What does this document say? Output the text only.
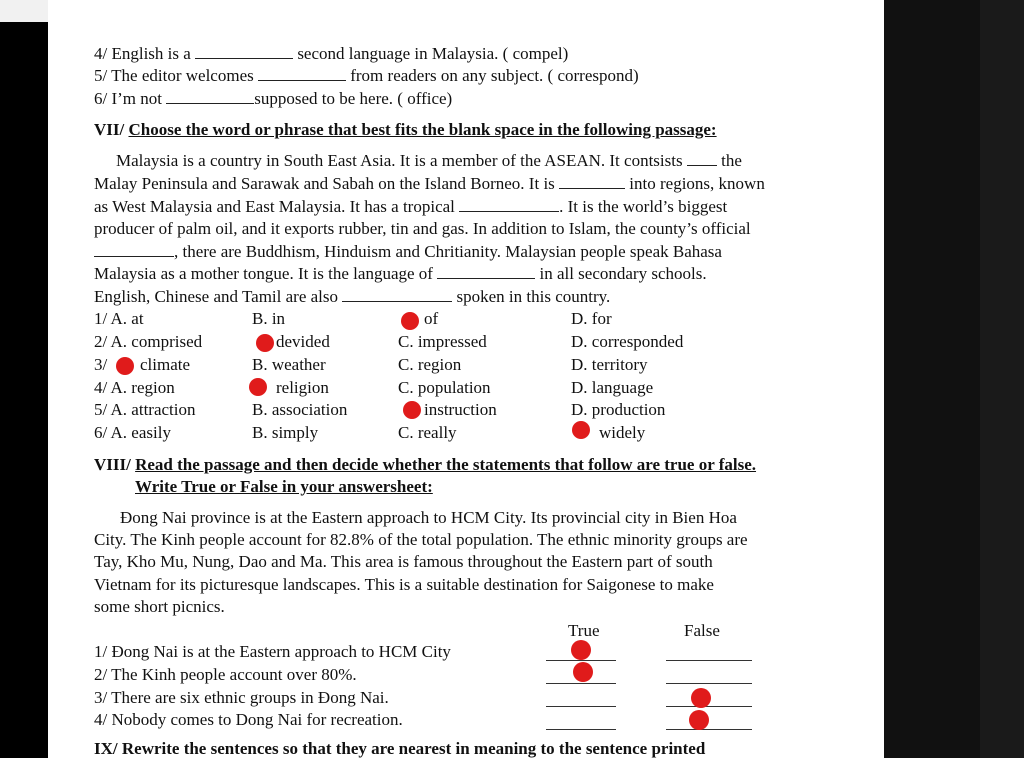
4/ English is a	second language in Malaysia. ( compel)
5/ The editor welcomes	from readers on any subject. ( correspond)
6/ I’m not	supposed to be here. ( office)
VII/ Choose the word or phrase that best fits the blank space in the following passage:
Malaysia is a country in South East Asia. It is a member of the ASEAN. It contsists  the
Malay Peninsula and Sarawak and Sabah on the Island Borneo. It is	into regions, known
as West Malaysia and East Malaysia. It has a tropical	. It is the world’s biggest
producer of palm oil, and it exports rubber, tin and gas. In addition to Islam, the county’s official
, there are Buddhism, Hinduism and Chritianity. Malaysian people speak Bahasa
Malaysia as a mother tongue. It is the language of	in all secondary schools.
English, Chinese and Tamil are also	spoken in this country.
1/ A. at	B. in	of	D. for
2/ A. comprised	devided	C. impressed	D. corresponded
3/ climate	B. weather	C. region	D. territory
4/ A. region	religion	C. population	D. language
5/ A. attraction	B. association	instruction	D. production
6/ A. easily	B. simply	C. really	widely
VIII/ Read the passage and then decide whether the statements that follow are true or false.
Write True or False in your answersheet:
Đong Nai province is at the Eastern approach to HCM City. Its provincial city in Bien Hoa
City. The Kinh people account for 82.8% of the total population. The ethnic minority groups are
Tay, Kho Mu, Nung, Dao and Ma. This area is famous throughout the Eastern part of south
Vietnam for its picturesque landscapes. This is a suitable destination for Saigonese to make
some short picnics.
True	False
1/ Đong Nai is at the Eastern approach to HCM City
2/ The Kinh people account over 80%.
3/ There are six ethnic groups in Đong Nai.
4/ Nobody comes to Dong Nai for recreation.
IX/ Rewrite the sentences so that they are nearest in meaning to the sentence printed
